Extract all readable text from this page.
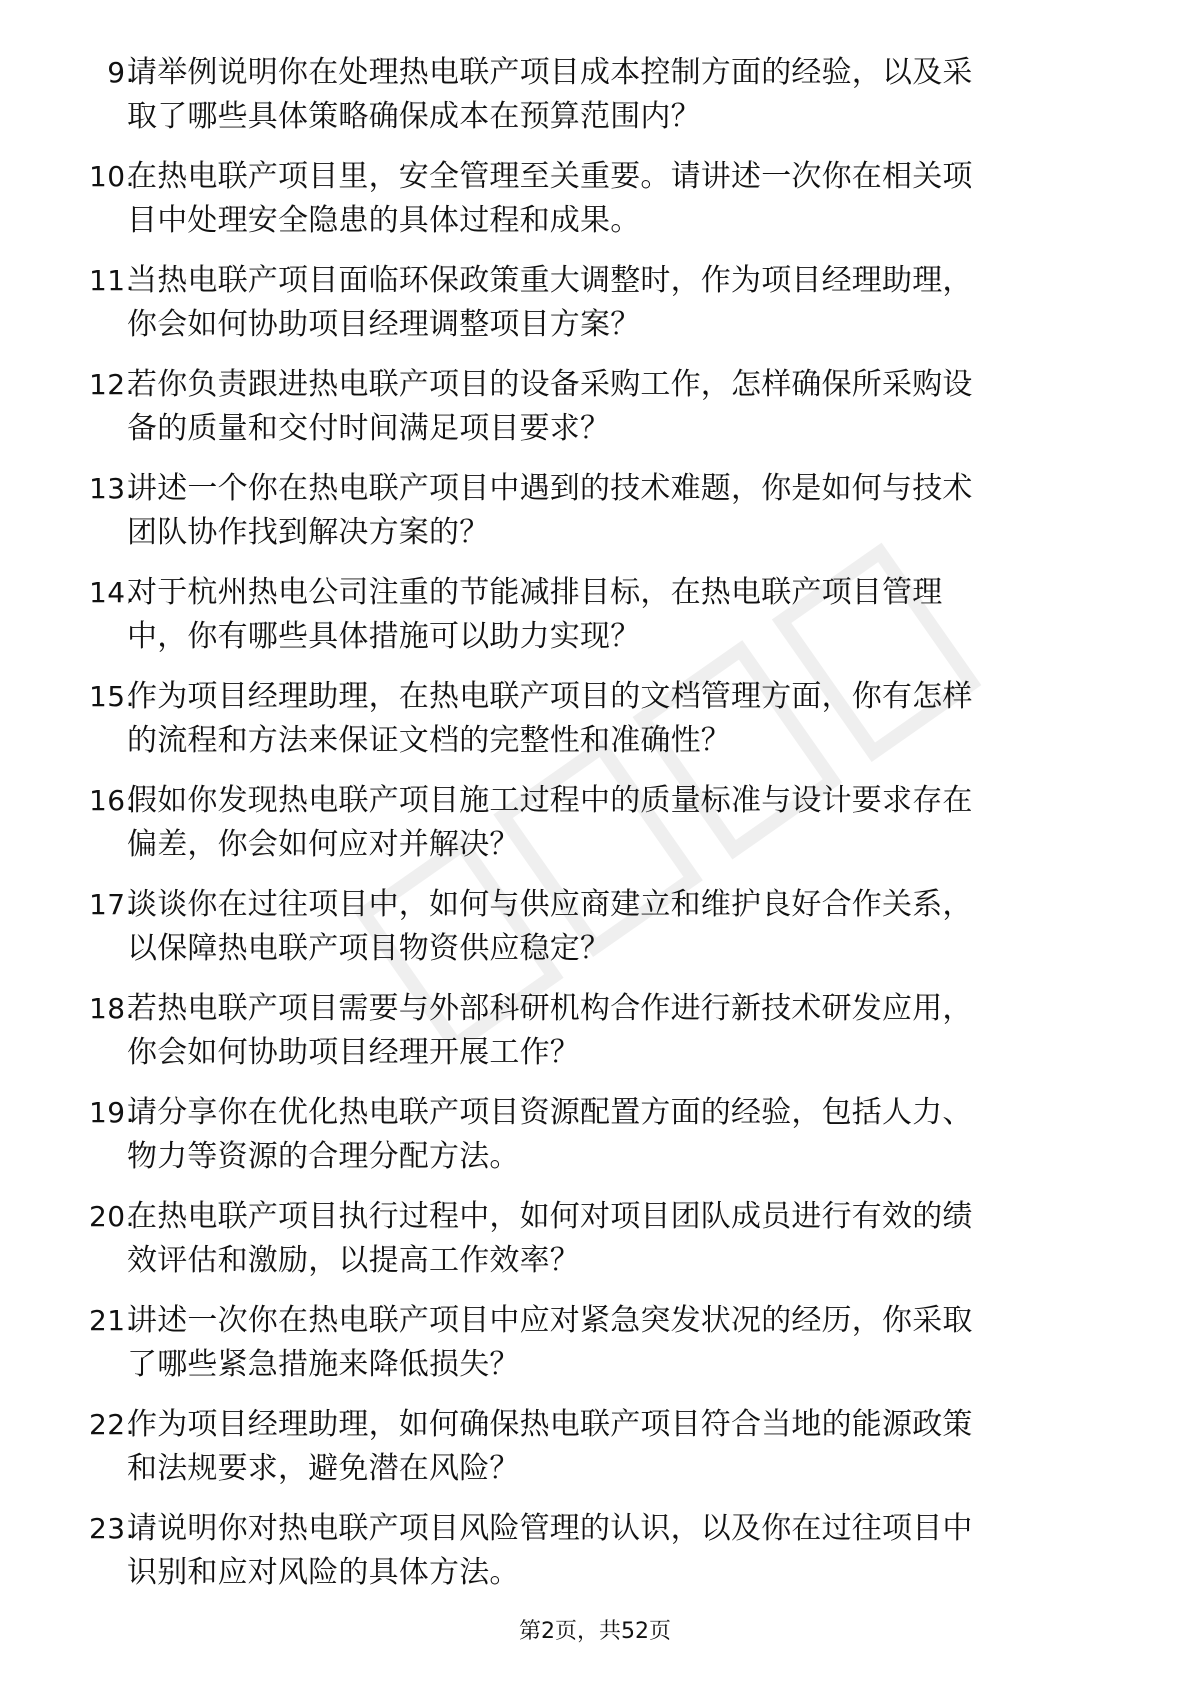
9.
请举例说明你在处理热电联产项目成本控制方面的经验，以及采
取了哪些具体策略确保成本在预算范围内？
10.
在热电联产项目里，安全管理至关重要。请讲述一次你在相关项
目中处理安全隐患的具体过程和成果。
11.
当热电联产项目面临环保政策重大调整时，作为项目经理助理，
你会如何协助项目经理调整项目方案？
12.
若你负责跟进热电联产项目的设备采购工作，怎样确保所采购设
备的质量和交付时间满足项目要求？
13.
讲述一个你在热电联产项目中遇到的技术难题，你是如何与技术
团队协作找到解决方案的？
14.
对于杭州热电公司注重的节能减排目标，在热电联产项目管理
中，你有哪些具体措施可以助力实现？
15.
作为项目经理助理，在热电联产项目的文档管理方面，你有怎样
的流程和方法来保证文档的完整性和准确性？
16.
假如你发现热电联产项目施工过程中的质量标准与设计要求存在
偏差，你会如何应对并解决？
17.
谈谈你在过往项目中，如何与供应商建立和维护良好合作关系，
以保障热电联产项目物资供应稳定？
18.
若热电联产项目需要与外部科研机构合作进行新技术研发应用，
你会如何协助项目经理开展工作？
19.
请分享你在优化热电联产项目资源配置方面的经验，包括人力、
物力等资源的合理分配方法。
20.
在热电联产项目执行过程中，如何对项目团队成员进行有效的绩
效评估和激励，以提高工作效率？
21.
讲述一次你在热电联产项目中应对紧急突发状况的经历，你采取
了哪些紧急措施来降低损失？
22.
作为项目经理助理，如何确保热电联产项目符合当地的能源政策
和法规要求，避免潜在风险？
23.
请说明你对热电联产项目风险管理的认识，以及你在过往项目中
识别和应对风险的具体方法。
第2页，共52页
